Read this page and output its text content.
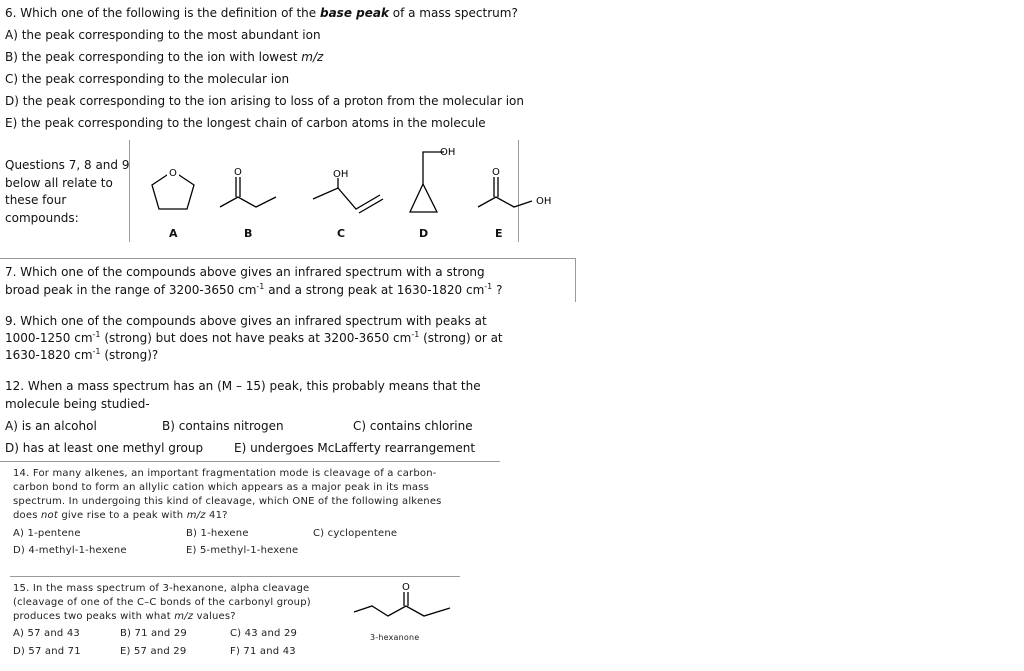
6. Which one of the following is the definition of the base peak of a mass spectrum?
A) the peak corresponding to the most abundant ion
B) the peak corresponding to the ion with lowest m/z
C) the peak corresponding to the molecular ion
D) the peak corresponding to the ion arising to loss of a proton from the molecular ion
E) the peak corresponding to the longest chain of carbon atoms in the molecule
Questions 7, 8 and 9
below all relate to
these four
compounds:
O	O	OH
OH
O
OH
A	B	C	D	E
7. Which one of the compounds above gives an infrared spectrum with a strong
broad peak in the range of 3200-3650 $cm^{-1}$ and a strong peak at 1630-1820 $cm^{-1}$ ?
9. Which one of the compounds above gives an infrared spectrum with peaks at
1000-1250 $cm^{-1}$ (strong) but does not have peaks at 3200-3650 $cm^{-1}$ (strong) or at
1630-1820 $cm^{-1}$ (strong)?
12. When a mass spectrum has an (M – 15) peak, this probably means that the
molecule being studied-
A) is an alcohol	B) contains nitrogen	C) contains chlorine
D) has at least one methyl group	E) undergoes McLafferty rearrangement
14. For many alkenes, an important fragmentation mode is cleavage of a carbon-
carbon bond to form an allylic cation which appears as a major peak in its mass
spectrum. In undergoing this kind of cleavage, which ONE of the following alkenes
does not give rise to a peak with m/z 41?
A) 1-pentene	B) 1-hexene	C) cyclopentene
D) 4-methyl-1-hexene	E) 5-methyl-1-hexene
15. In the mass spectrum of 3-hexanone, alpha cleavage
(cleavage of one of the C–C bonds of the carbonyl group)
produces two peaks with what m/z values?
A) 57 and 43	B) 71 and 29	C) 43 and 29
D) 57 and 71	E) 57 and 29	F) 71 and 43
O
3-hexanone
